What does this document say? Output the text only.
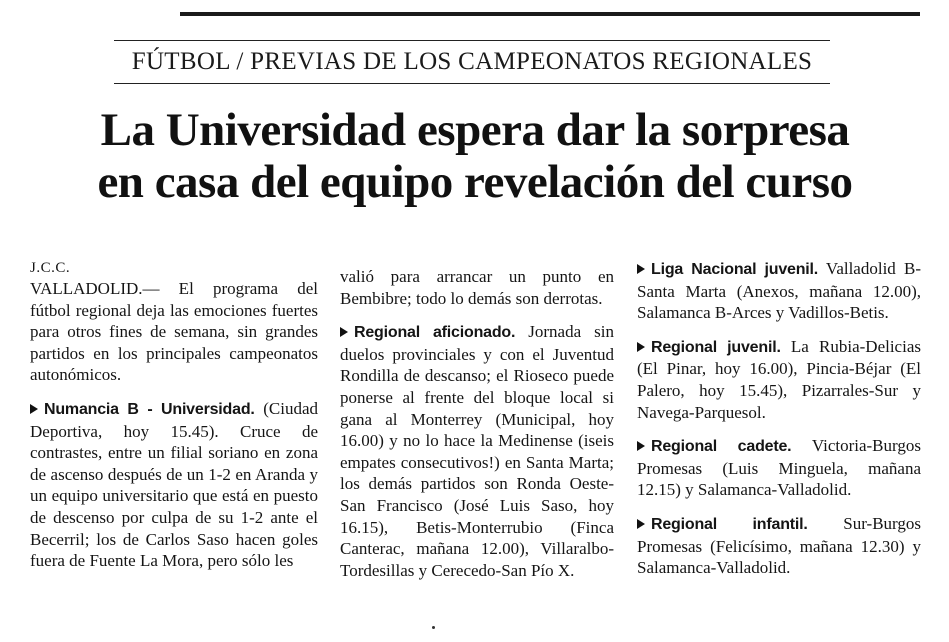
FÚTBOL / PREVIAS DE LOS CAMPEONATOS REGIONALES
La Universidad espera dar la sorpresa
en casa del equipo revelación del curso

J.C.C.

VALLADOLID.— El programa del fútbol regional deja las emociones fuertes para otros fines de semana, sin grandes partidos en los principales campeonatos autonómicos.

Numancia B - Universidad. (Ciudad Deportiva, hoy 15.45). Cruce de contrastes, entre un filial soriano en zona de ascenso después de un 1-2 en Aranda y un equipo universitario que está en puesto de descenso por culpa de su 1-2 ante el Becerril; los de Carlos Saso hacen goles fuera de Fuente La Mora, pero sólo les

valió para arrancar un punto en Bembibre; todo lo demás son derrotas.

Regional aficionado. Jornada sin duelos provinciales y con el Juventud Rondilla de descanso; el Rioseco puede ponerse al frente del bloque local si gana al Monterrey (Municipal, hoy 16.00) y no lo hace la Medinense (iseis empates consecutivos!) en Santa Marta; los demás partidos son Ronda Oeste-San Francisco (José Luis Saso, hoy 16.15), Betis-Monterrubio (Finca Canterac, mañana 12.00), Villaralbo-Tordesillas y Cerecedo-San Pío X.

Liga Nacional juvenil. Valladolid B-Santa Marta (Anexos, mañana 12.00), Salamanca B-Arces y Vadillos-Betis.

Regional juvenil. La Rubia-Delicias (El Pinar, hoy 16.00), Pincia-Béjar (El Palero, hoy 15.45), Pizarrales-Sur y Navega-Parquesol.

Regional cadete. Victoria-Burgos Promesas (Luis Minguela, mañana 12.15) y Salamanca-Valladolid.

Regional infantil. Sur-Burgos Promesas (Felicísimo, mañana 12.30) y Salamanca-Valladolid.
